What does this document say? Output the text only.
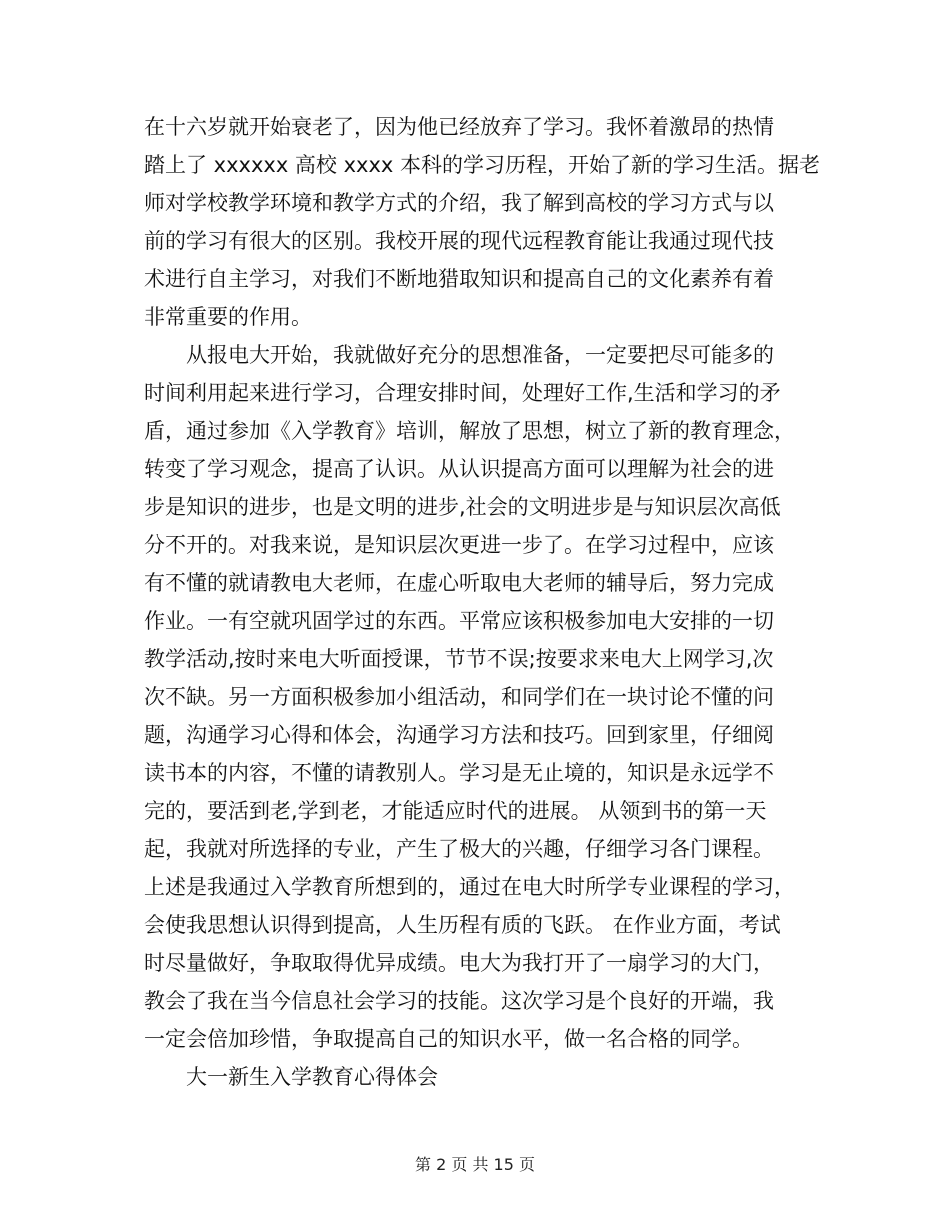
在十六岁就开始衰老了，因为他已经放弃了学习。我怀着激昂的热情
踏上了 xxxxxx 高校 xxxx 本科的学习历程，开始了新的学习生活。据老
师对学校教学环境和教学方式的介绍，我了解到高校的学习方式与以
前的学习有很大的区别。我校开展的现代远程教育能让我通过现代技
术进行自主学习，对我们不断地猎取知识和提高自己的文化素养有着
非常重要的作用。
从报电大开始，我就做好充分的思想准备，一定要把尽可能多的
时间利用起来进行学习，合理安排时间，处理好工作,生活和学习的矛
盾，通过参加《入学教育》培训，解放了思想，树立了新的教育理念，
转变了学习观念，提高了认识。从认识提高方面可以理解为社会的进
步是知识的进步，也是文明的进步,社会的文明进步是与知识层次高低
分不开的。对我来说，是知识层次更进一步了。在学习过程中，应该
有不懂的就请教电大老师，在虚心听取电大老师的辅导后，努力完成
作业。一有空就巩固学过的东西。平常应该积极参加电大安排的一切
教学活动,按时来电大听面授课，节节不误;按要求来电大上网学习,次
次不缺。另一方面积极参加小组活动，和同学们在一块讨论不懂的问
题，沟通学习心得和体会，沟通学习方法和技巧。回到家里，仔细阅
读书本的内容，不懂的请教别人。学习是无止境的，知识是永远学不
完的，要活到老,学到老，才能适应时代的进展。 从领到书的第一天
起，我就对所选择的专业，产生了极大的兴趣，仔细学习各门课程。
上述是我通过入学教育所想到的，通过在电大时所学专业课程的学习，
会使我思想认识得到提高，人生历程有质的飞跃。 在作业方面，考试
时尽量做好，争取取得优异成绩。电大为我打开了一扇学习的大门，
教会了我在当今信息社会学习的技能。这次学习是个良好的开端，我
一定会倍加珍惜，争取提高自己的知识水平，做一名合格的同学。
大一新生入学教育心得体会
第 2 页 共 15 页
